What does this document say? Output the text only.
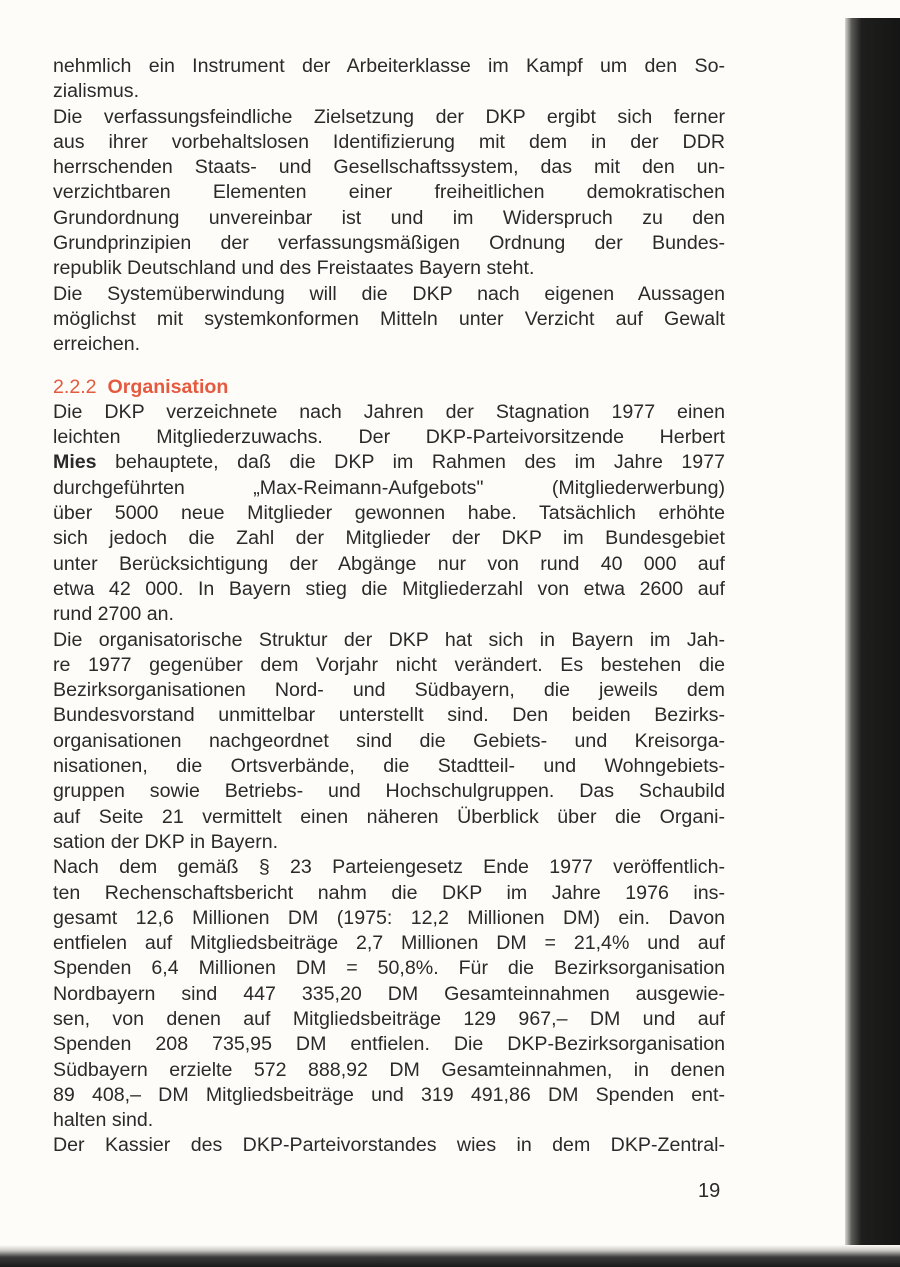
nehmlich ein Instrument der Arbeiterklasse im Kampf um den So-
zialismus.
Die verfassungsfeindliche Zielsetzung der DKP ergibt sich ferner
aus ihrer vorbehaltslosen Identifizierung mit dem in der DDR
herrschenden Staats- und Gesellschaftssystem, das mit den un-
verzichtbaren Elementen einer freiheitlichen demokratischen
Grundordnung unvereinbar ist und im Widerspruch zu den
Grundprinzipien der verfassungsmäßigen Ordnung der Bundes-
republik Deutschland und des Freistaates Bayern steht.
Die Systemüberwindung will die DKP nach eigenen Aussagen
möglichst mit systemkonformen Mitteln unter Verzicht auf Gewalt
erreichen.
2.2.2 Organisation
Die DKP verzeichnete nach Jahren der Stagnation 1977 einen
leichten Mitgliederzuwachs. Der DKP-Parteivorsitzende Herbert
Mies behauptete, daß die DKP im Rahmen des im Jahre 1977
durchgeführten „Max-Reimann-Aufgebots" (Mitgliederwerbung)
über 5000 neue Mitglieder gewonnen habe. Tatsächlich erhöhte
sich jedoch die Zahl der Mitglieder der DKP im Bundesgebiet
unter Berücksichtigung der Abgänge nur von rund 40 000 auf
etwa 42 000. In Bayern stieg die Mitgliederzahl von etwa 2600 auf
rund 2700 an.
Die organisatorische Struktur der DKP hat sich in Bayern im Jah-
re 1977 gegenüber dem Vorjahr nicht verändert. Es bestehen die
Bezirksorganisationen Nord- und Südbayern, die jeweils dem
Bundesvorstand unmittelbar unterstellt sind. Den beiden Bezirks-
organisationen nachgeordnet sind die Gebiets- und Kreisorga-
nisationen, die Ortsverbände, die Stadtteil- und Wohngebiets-
gruppen sowie Betriebs- und Hochschulgruppen. Das Schaubild
auf Seite 21 vermittelt einen näheren Überblick über die Organi-
sation der DKP in Bayern.
Nach dem gemäß § 23 Parteiengesetz Ende 1977 veröffentlich-
ten Rechenschaftsbericht nahm die DKP im Jahre 1976 ins-
gesamt 12,6 Millionen DM (1975: 12,2 Millionen DM) ein. Davon
entfielen auf Mitgliedsbeiträge 2,7 Millionen DM = 21,4% und auf
Spenden 6,4 Millionen DM = 50,8%. Für die Bezirksorganisation
Nordbayern sind 447 335,20 DM Gesamteinnahmen ausgewie-
sen, von denen auf Mitgliedsbeiträge 129 967,– DM und auf
Spenden 208 735,95 DM entfielen. Die DKP-Bezirksorganisation
Südbayern erzielte 572 888,92 DM Gesamteinnahmen, in denen
89 408,– DM Mitgliedsbeiträge und 319 491,86 DM Spenden ent-
halten sind.
Der Kassier des DKP-Parteivorstandes wies in dem DKP-Zentral-
19
